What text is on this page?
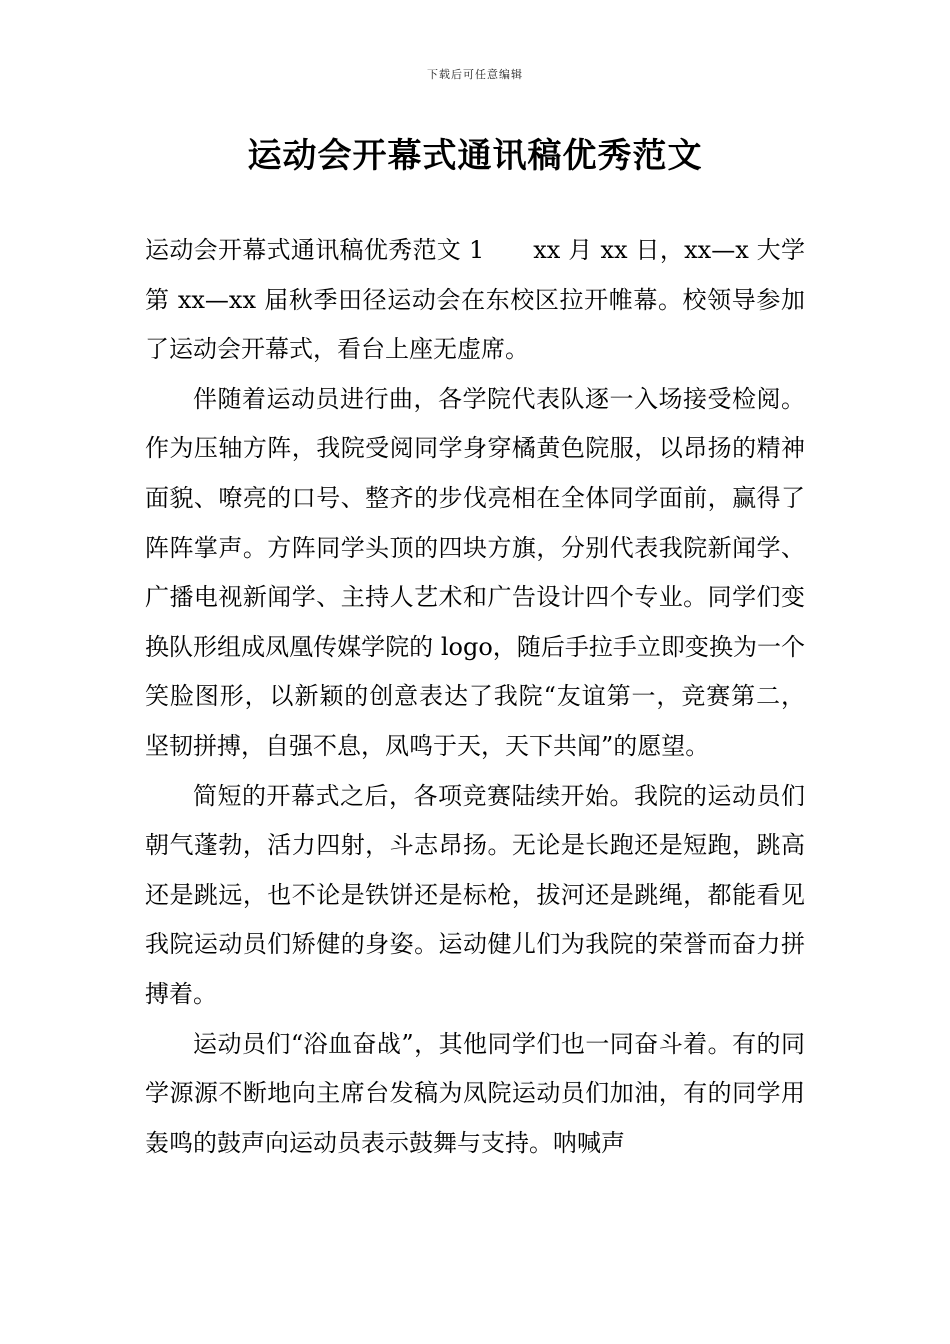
下载后可任意编辑
运动会开幕式通讯稿优秀范文

运动会开幕式通讯稿优秀范文 1　　xx 月 xx 日，xx—x 大学第 xx—xx 届秋季田径运动会在东校区拉开帷幕。校领导参加了运动会开幕式，看台上座无虚席。

伴随着运动员进行曲，各学院代表队逐一入场接受检阅。作为压轴方阵，我院受阅同学身穿橘黄色院服，以昂扬的精神面貌、嘹亮的口号、整齐的步伐亮相在全体同学面前，赢得了阵阵掌声。方阵同学头顶的四块方旗，分别代表我院新闻学、广播电视新闻学、主持人艺术和广告设计四个专业。同学们变换队形组成凤凰传媒学院的 logo，随后手拉手立即变换为一个笑脸图形，以新颖的创意表达了我院“友谊第一，竞赛第二，坚韧拼搏，自强不息，凤鸣于天，天下共闻”的愿望。

简短的开幕式之后，各项竞赛陆续开始。我院的运动员们朝气蓬勃，活力四射，斗志昂扬。无论是长跑还是短跑，跳高还是跳远，也不论是铁饼还是标枪，拔河还是跳绳，都能看见我院运动员们矫健的身姿。运动健儿们为我院的荣誉而奋力拼搏着。

运动员们“浴血奋战”，其他同学们也一同奋斗着。有的同学源源不断地向主席台发稿为凤院运动员们加油，有的同学用轰鸣的鼓声向运动员表示鼓舞与支持。呐喊声
